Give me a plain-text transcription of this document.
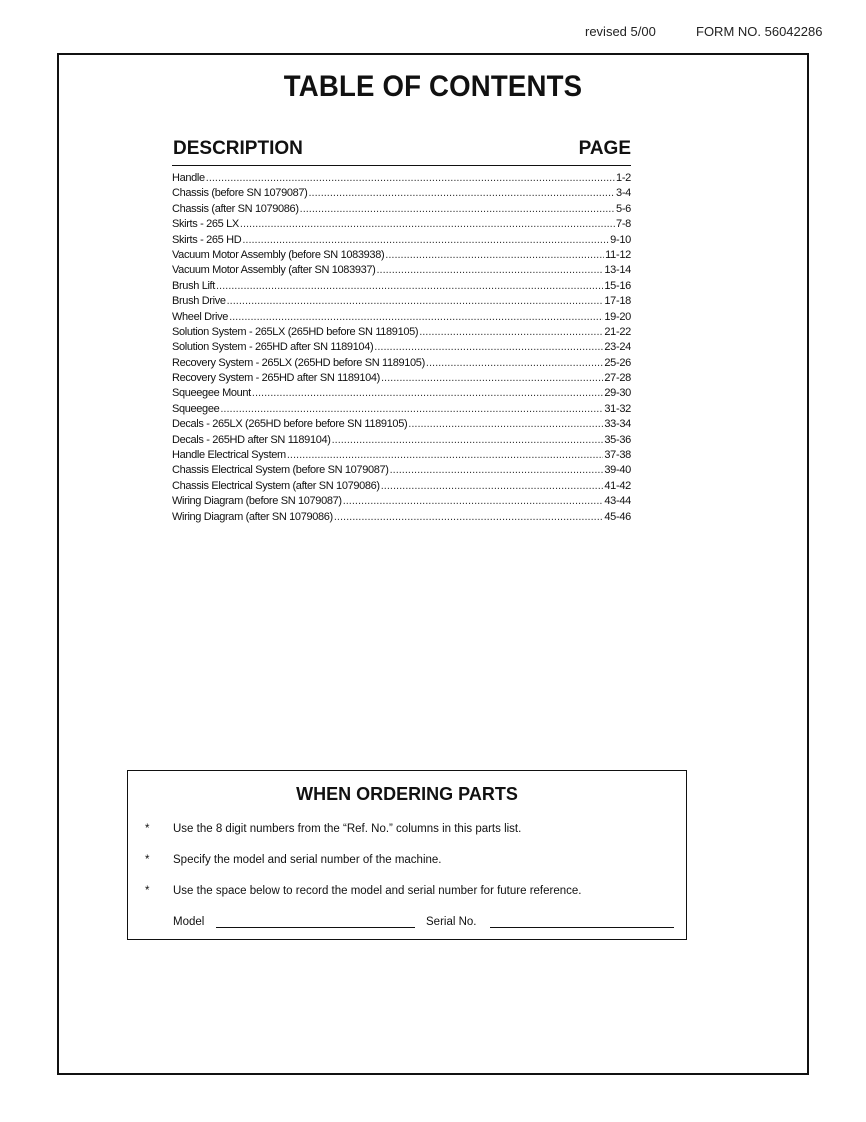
revised 5/00	FORM NO. 56042286
TABLE OF CONTENTS
DESCRIPTION	PAGE
Handle .....	1-2
Chassis (before SN 1079087) .....	3-4
Chassis (after SN 1079086) .....	5-6
Skirts - 265 LX .....	7-8
Skirts - 265 HD .....	9-10
Vacuum Motor Assembly (before SN 1083938) .....	11-12
Vacuum Motor Assembly (after SN 1083937) .....	13-14
Brush Lift .....	15-16
Brush Drive .....	17-18
Wheel Drive .....	19-20
Solution System - 265LX (265HD before SN 1189105) .....	21-22
Solution System - 265HD after SN 1189104) .....	23-24
Recovery System - 265LX (265HD before SN 1189105) .....	25-26
Recovery System - 265HD after SN 1189104) .....	27-28
Squeegee Mount .....	29-30
Squeegee .....	31-32
Decals - 265LX (265HD before before SN 1189105) .....	33-34
Decals - 265HD after SN 1189104) .....	35-36
Handle Electrical System .....	37-38
Chassis Electrical System (before SN 1079087) .....	39-40
Chassis Electrical System (after SN 1079086) .....	41-42
Wiring Diagram (before SN 1079087) .....	43-44
Wiring Diagram (after SN 1079086) .....	45-46
WHEN ORDERING PARTS
* Use the 8 digit numbers from the “Ref. No.” columns in this parts list.
* Specify the model and serial number of the machine.
* Use the space below to record the model and serial number for future reference.
Model	Serial No.
